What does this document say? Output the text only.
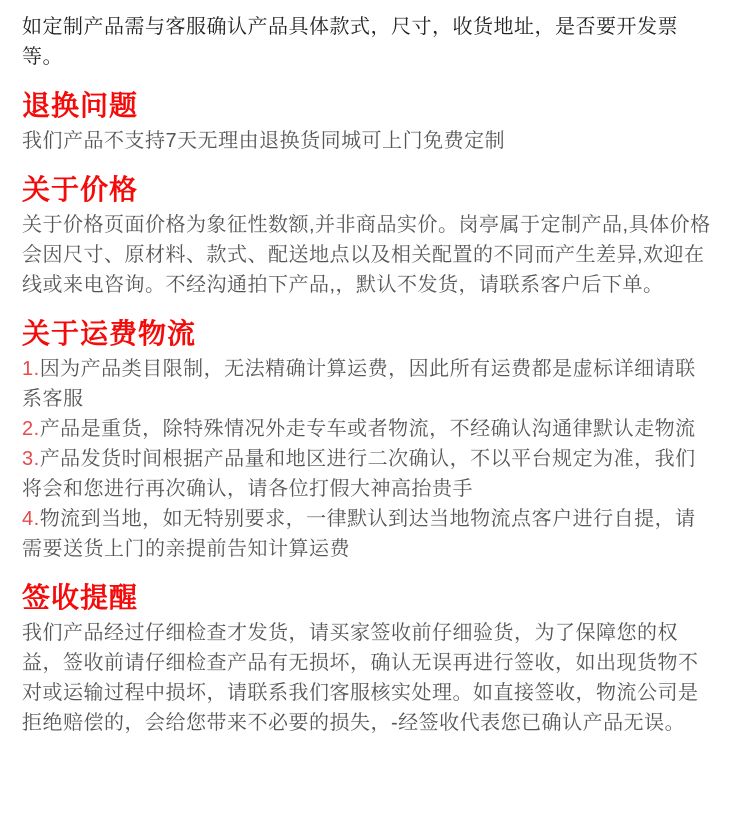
如定制产品需与客服确认产品具体款式，尺寸，收货地址，是否要开发票等。

退换问题

我们产品不支持7天无理由退换货同城可上门免费定制

关于价格

关于价格页面价格为象征性数额,并非商品实价。岗亭属于定制产品,具体价格会因尺寸、原材料、款式、配送地点以及相关配置的不同而产生差异,欢迎在线或来电咨询。不经沟通拍下产品,，默认不发货，请联系客户后下单。

关于运费物流

1.因为产品类目限制，无法精确计算运费，因此所有运费都是虚标详细请联系客服

2.产品是重货，除特殊情况外走专车或者物流，不经确认沟通律默认走物流

3.产品发货时间根据产品量和地区进行二次确认，不以平台规定为准，我们将会和您进行再次确认，请各位打假大神高抬贵手

4.物流到当地，如无特别要求，一律默认到达当地物流点客户进行自提，请需要送货上门的亲提前告知计算运费

签收提醒

我们产品经过仔细检查才发货，请买家签收前仔细验货，为了保障您的权益，签收前请仔细检查产品有无损坏，确认无误再进行签收，如出现货物不对或运输过程中损坏，请联系我们客服核实处理。如直接签收，物流公司是拒绝赔偿的，会给您带来不必要的损失，-经签收代表您已确认产品无误。
